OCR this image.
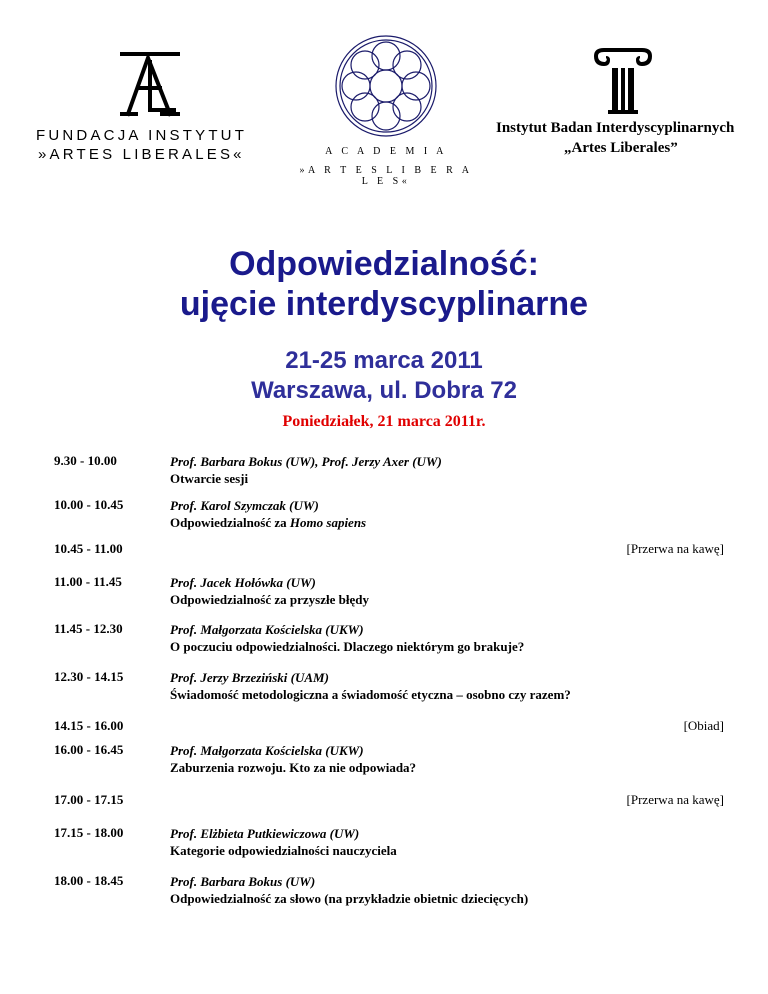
FUNDACJA INSTYTUT
»ARTES LIBERALES«	A C A D E M I A
»A R T E S L I B E R A L E S«
Instytut Badan Interdyscyplinarnych
„Artes Liberales”
Odpowiedzialność:
ujęcie interdyscyplinarne
21-25 marca 2011
Warszawa, ul. Dobra 72
Poniedziałek, 21 marca 2011r.
9.30 - 10.00	Prof. Barbara Bokus (UW), Prof. Jerzy Axer (UW)
Otwarcie sesji
10.00 - 10.45	Prof. Karol Szymczak (UW)
Odpowiedzialność za Homo sapiens
10.45 - 11.00	[Przerwa na kawę]
11.00 - 11.45	Prof. Jacek Hołówka (UW)
Odpowiedzialność za przyszłe błędy
11.45 - 12.30	Prof. Małgorzata Kościelska (UKW)
O poczuciu odpowiedzialności. Dlaczego niektórym go brakuje?
12.30 - 14.15	Prof. Jerzy Brzeziński (UAM)
Świadomość metodologiczna a świadomość etyczna – osobno czy razem?
14.15 - 16.00	[Obiad]
16.00 - 16.45	Prof. Małgorzata Kościelska (UKW)
Zaburzenia rozwoju. Kto za nie odpowiada?
17.00 - 17.15	[Przerwa na kawę]
17.15 - 18.00	Prof. Elżbieta Putkiewiczowa (UW)
Kategorie odpowiedzialności nauczyciela
18.00 - 18.45	Prof. Barbara Bokus (UW)
Odpowiedzialność za słowo (na przykładzie obietnic dziecięcych)
